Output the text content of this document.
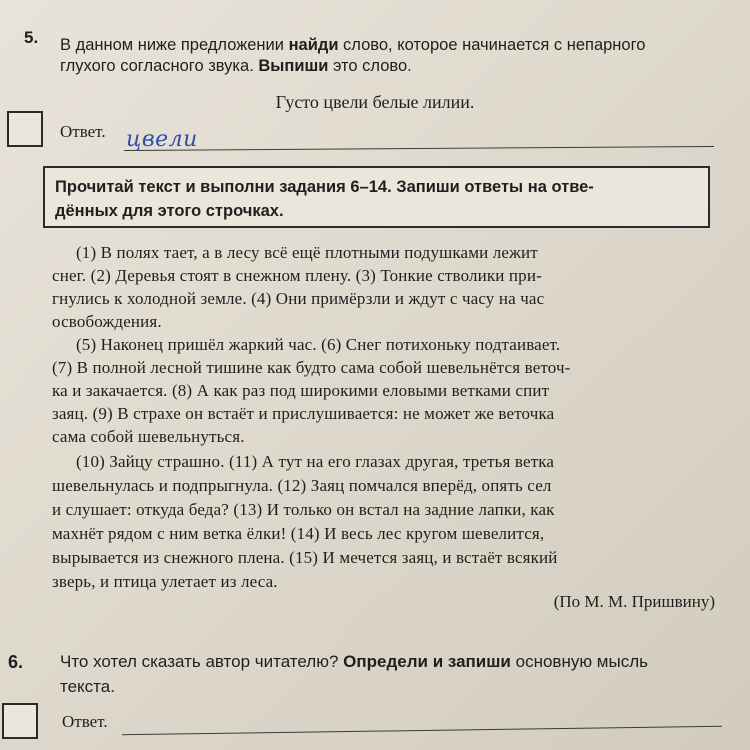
5. В данном ниже предложении найди слово, которое начинается с непарного
глухого согласного звука. Выпиши это слово.
Густо цвели белые лилии.
Ответ. цвели
Прочитай текст и выполни задания 6–14. Запиши ответы на отве-
дённых для этого строчках.
(1) В полях тает, а в лесу всё ещё плотными подушками лежит
снег. (2) Деревья стоят в снежном плену. (3) Тонкие стволики при-
гнулись к холодной земле. (4) Они примёрзли и ждут с часу на час
освобождения.
(5) Наконец пришёл жаркий час. (6) Снег потихоньку подтаивает.
(7) В полной лесной тишине как будто сама собой шевельнётся веточ-
ка и закачается. (8) А как раз под широкими еловыми ветками спит
заяц. (9) В страхе он встаёт и прислушивается: не может же веточка
сама собой шевельнуться.
(10) Зайцу страшно. (11) А тут на его глазах другая, третья ветка
шевельнулась и подпрыгнула. (12) Заяц помчался вперёд, опять сел
и слушает: откуда беда? (13) И только он встал на задние лапки, как
махнёт рядом с ним ветка ёлки! (14) И весь лес кругом шевелится,
вырывается из снежного плена. (15) И мечется заяц, и встаёт всякий
зверь, и птица улетает из леса.
(По М. М. Пришвину)
6. Что хотел сказать автор читателю? Определи и запиши основную мысль
текста.
Ответ.
